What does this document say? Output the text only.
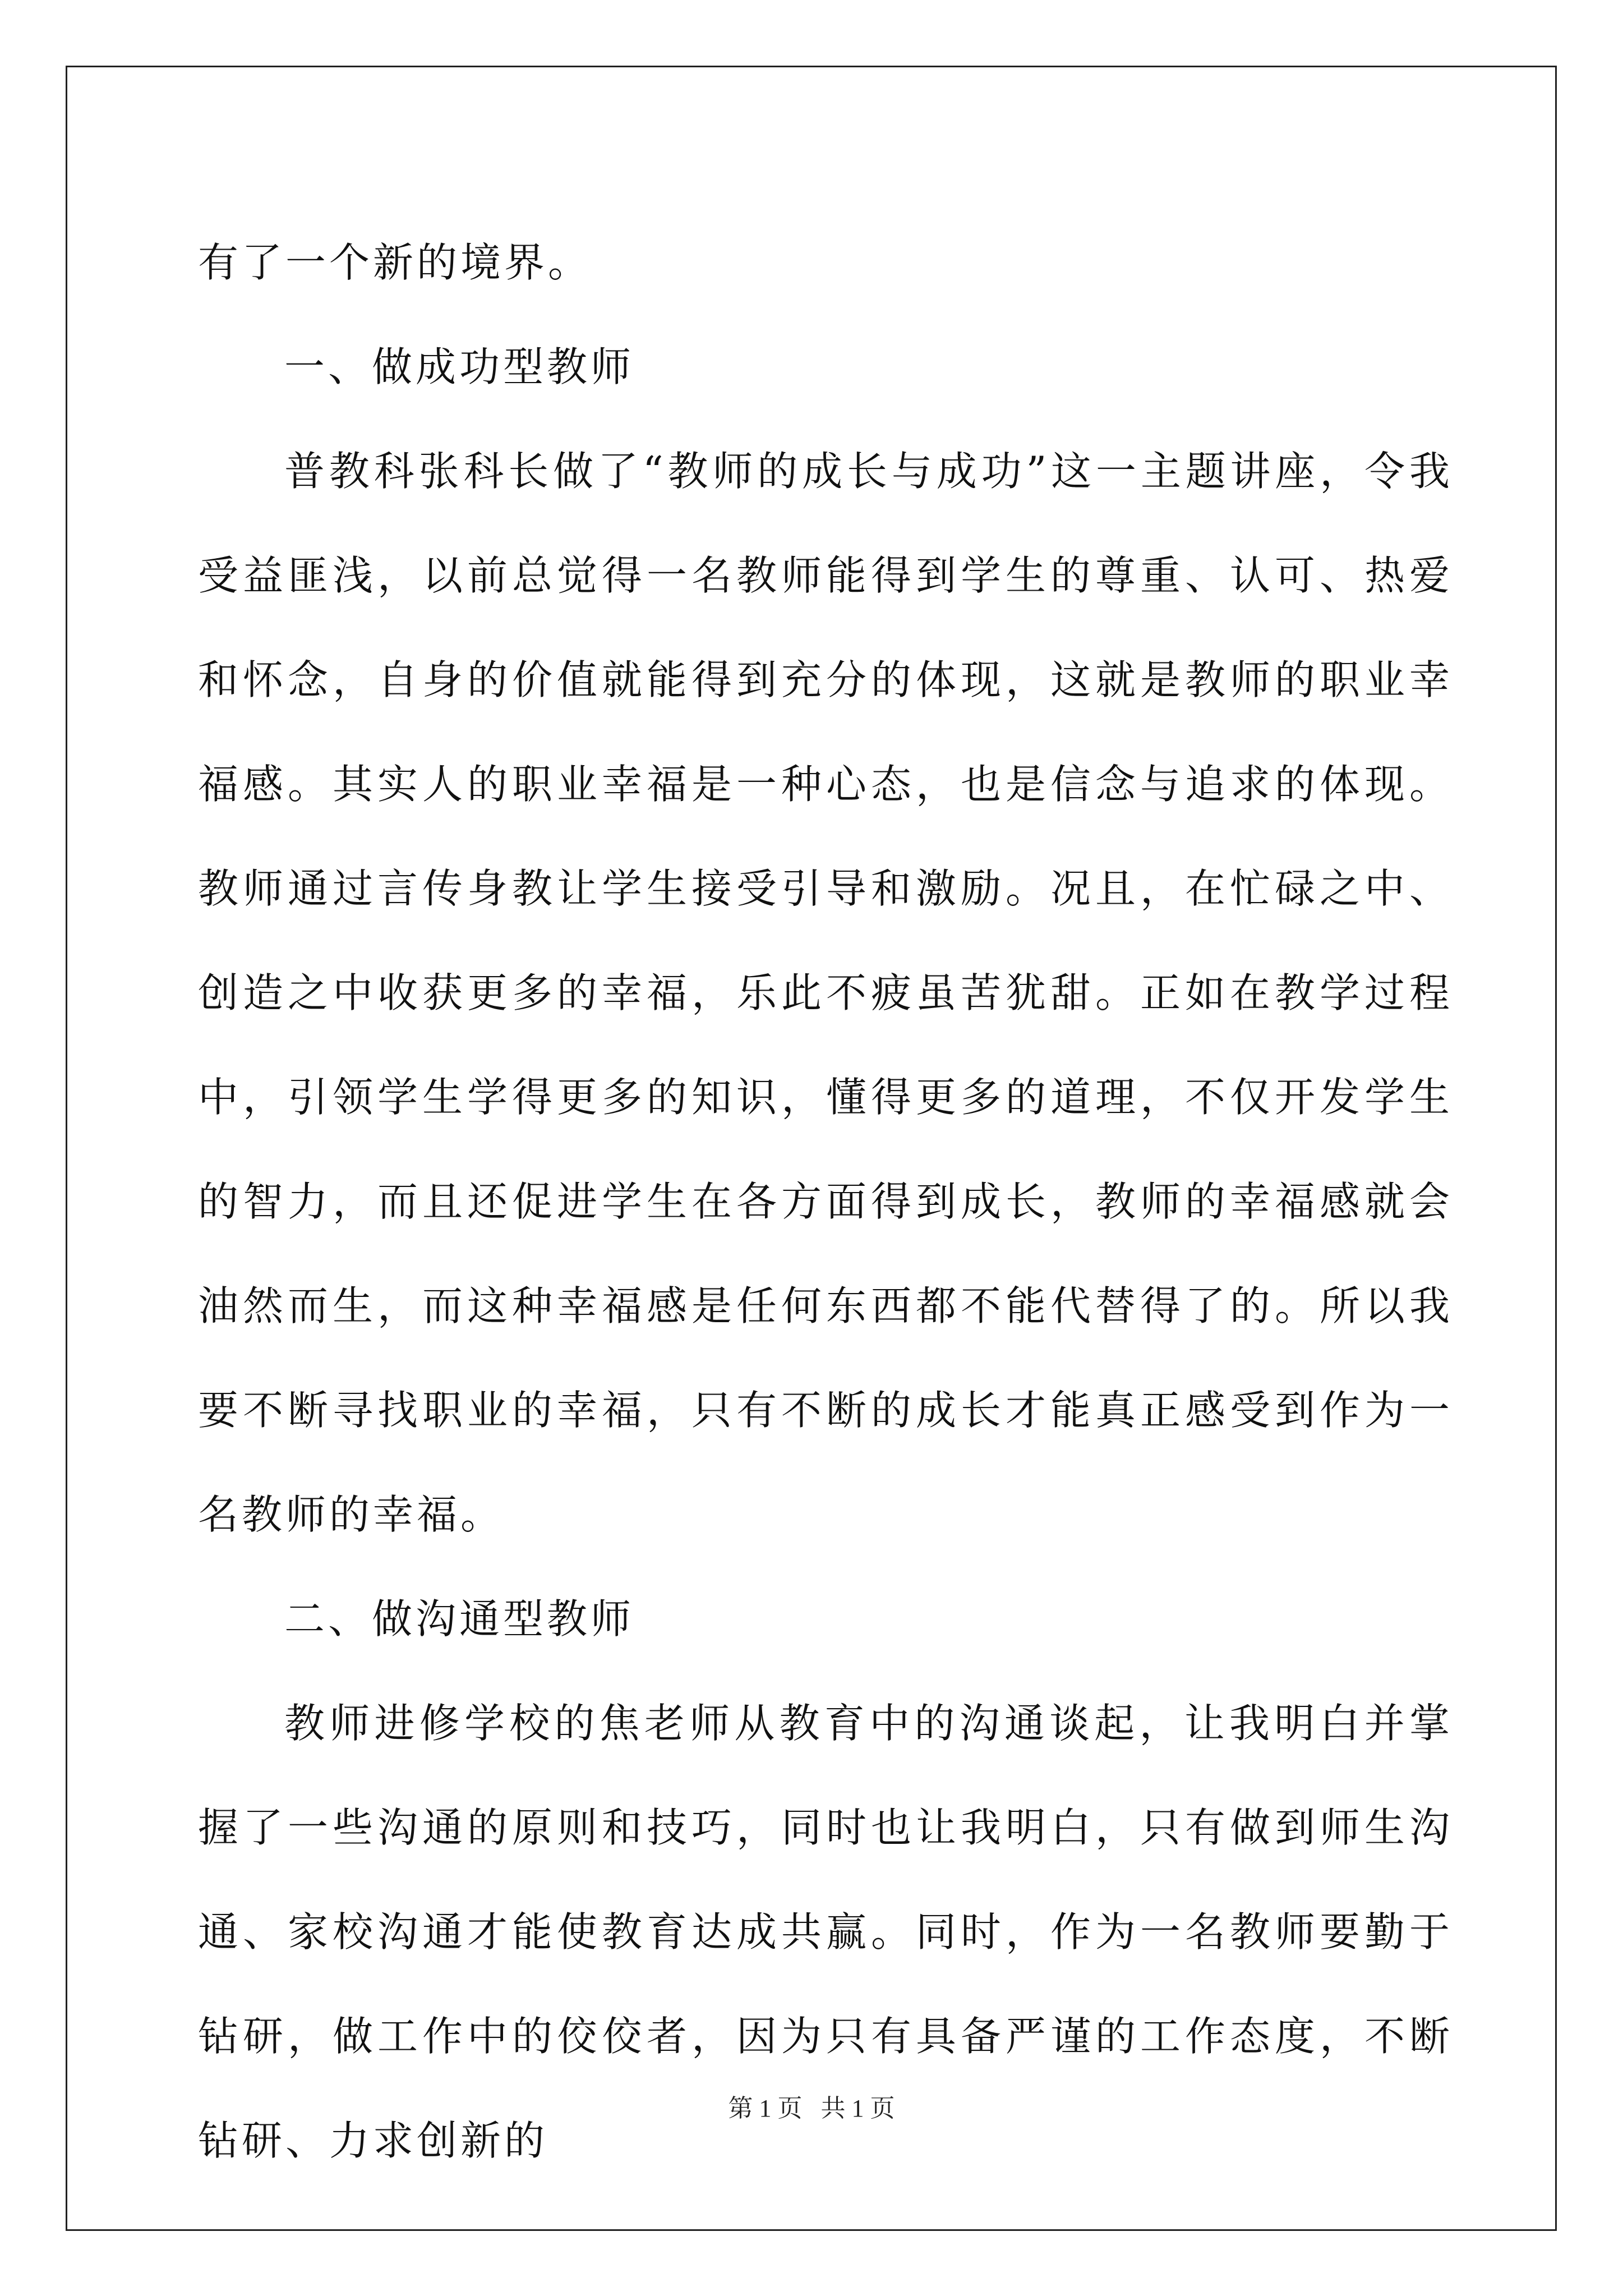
有了一个新的境界。

一、做成功型教师

普教科张科长做了“教师的成长与成功”这一主题讲座，令我受益匪浅，以前总觉得一名教师能得到学生的尊重、认可、热爱和怀念，自身的价值就能得到充分的体现，这就是教师的职业幸福感。其实人的职业幸福是一种心态，也是信念与追求的体现。教师通过言传身教让学生接受引导和激励。况且，在忙碌之中、创造之中收获更多的幸福，乐此不疲虽苦犹甜。正如在教学过程中，引领学生学得更多的知识，懂得更多的道理，不仅开发学生的智力，而且还促进学生在各方面得到成长，教师的幸福感就会油然而生，而这种幸福感是任何东西都不能代替得了的。所以我要不断寻找职业的幸福，只有不断的成长才能真正感受到作为一名教师的幸福。

二、做沟通型教师

教师进修学校的焦老师从教育中的沟通谈起，让我明白并掌握了一些沟通的原则和技巧，同时也让我明白，只有做到师生沟通、家校沟通才能使教育达成共赢。同时，作为一名教师要勤于钻研，做工作中的佼佼者，因为只有具备严谨的工作态度，不断钻研、力求创新的

第 1 页   共 1 页
